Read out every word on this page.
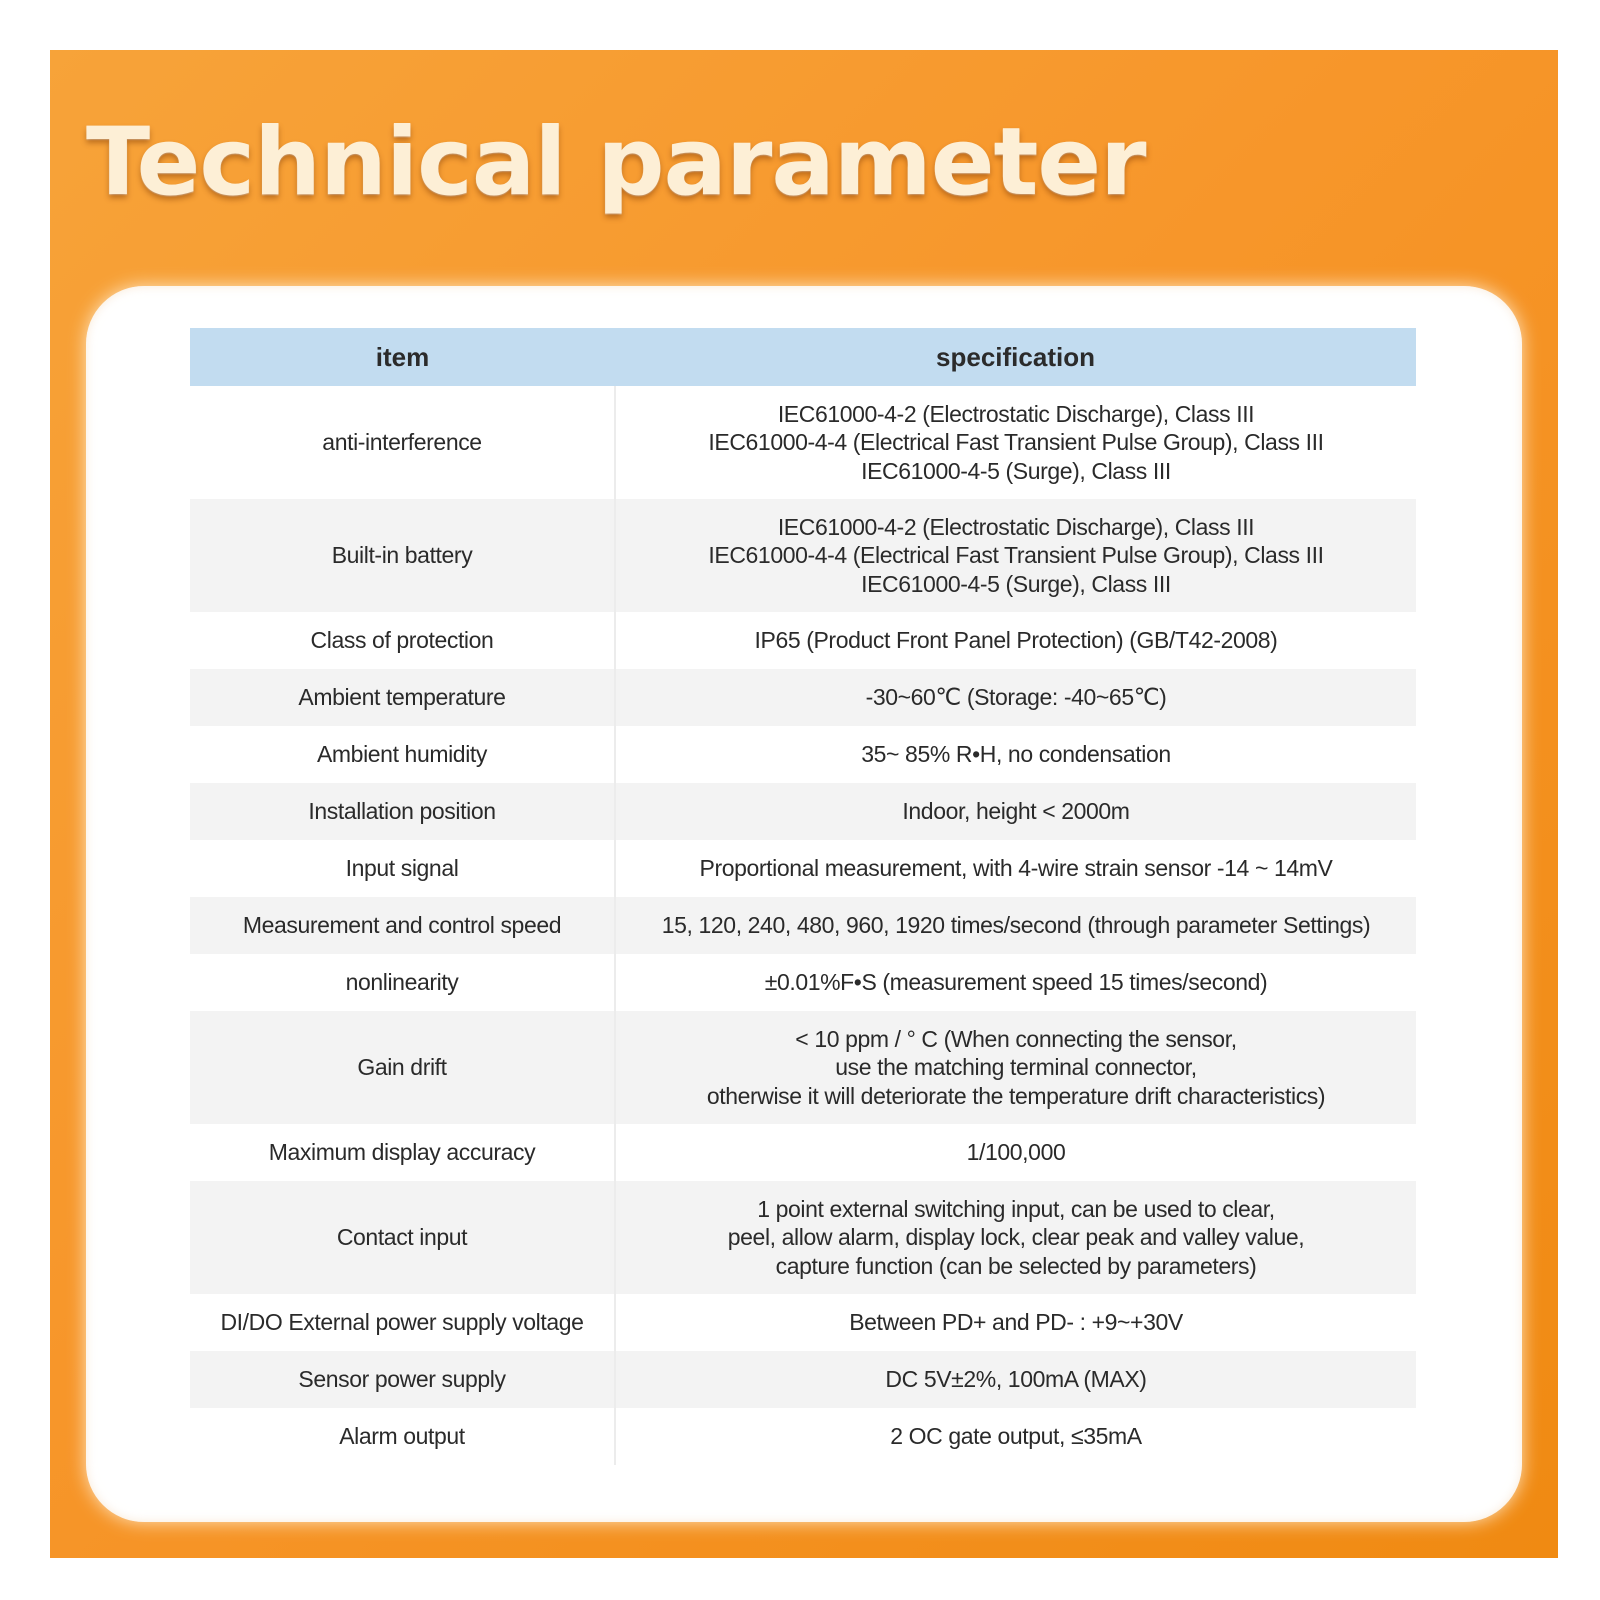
Technical parameter
item	specification
anti-interference	IEC61000-4-2 (Electrostatic Discharge), Class III
IEC61000-4-4 (Electrical Fast Transient Pulse Group), Class III
IEC61000-4-5 (Surge), Class III

Built-in battery	IEC61000-4-2 (Electrostatic Discharge), Class III
IEC61000-4-4 (Electrical Fast Transient Pulse Group), Class III
IEC61000-4-5 (Surge), Class III

Class of protection	IP65 (Product Front Panel Protection) (GB/T42-2008)

Ambient temperature	-30~60℃ (Storage: -40~65℃)

Ambient humidity	35~ 85% R•H, no condensation

Installation position	Indoor, height < 2000m

Input signal	Proportional measurement, with 4-wire strain sensor -14 ~ 14mV

Measurement and control speed	15, 120, 240, 480, 960, 1920 times/second (through parameter Settings)

nonlinearity	±0.01%F•S (measurement speed 15 times/second)

Gain drift	< 10 ppm / ° C (When connecting the sensor,
use the matching terminal connector,
otherwise it will deteriorate the temperature drift characteristics)

Maximum display accuracy	1/100,000

Contact input	1 point external switching input, can be used to clear,
peel, allow alarm, display lock, clear peak and valley value,
capture function (can be selected by parameters)

DI/DO External power supply voltage	Between PD+ and PD- : +9~+30V

Sensor power supply	DC 5V±2%, 100mA (MAX)

Alarm output	2 OC gate output, ≤35mA
